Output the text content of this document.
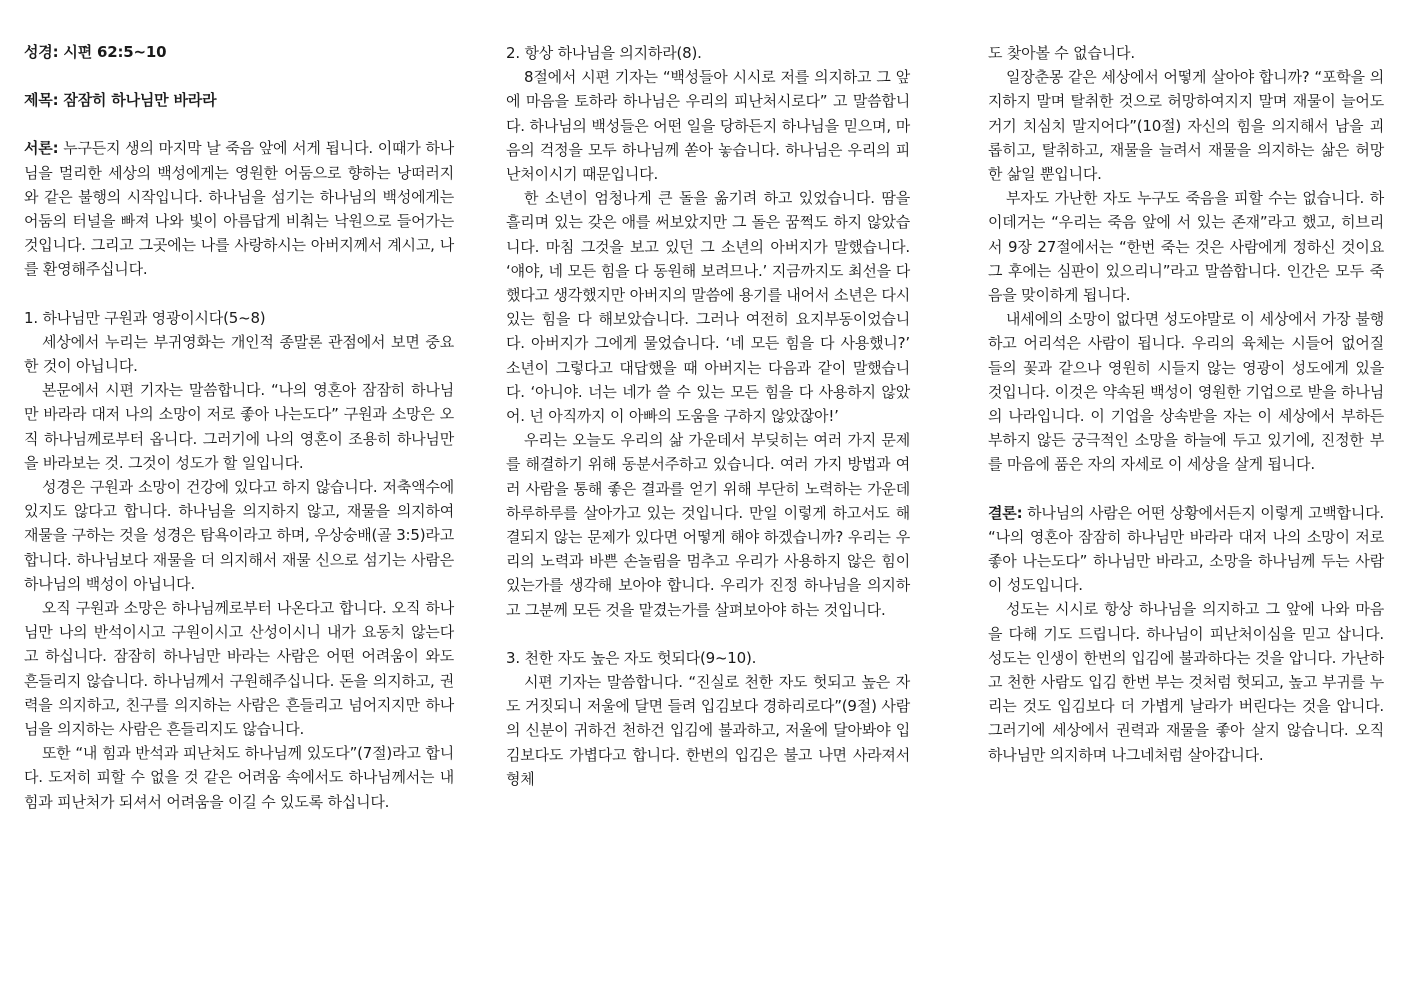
성경: 시편 62:5~10
제목: 잠잠히 하나님만 바라라

서론: 누구든지 생의 마지막 날 죽음 앞에 서게 됩니다. 이때가 하나님을 멀리한 세상의 백성에게는 영원한 어둠으로 향하는 낭떠러지와 같은 불행의 시작입니다. 하나님을 섬기는 하나님의 백성에게는 어둠의 터널을 빠져 나와 빛이 아름답게 비춰는 낙원으로 들어가는 것입니다. 그리고 그곳에는 나를 사랑하시는 아버지께서 계시고, 나를 환영해주십니다.

1. 하나님만 구원과 영광이시다(5~8)

세상에서 누리는 부귀영화는 개인적 종말론 관점에서 보면 중요한 것이 아닙니다.

본문에서 시편 기자는 말씀합니다. “나의 영혼아 잠잠히 하나님만 바라라 대저 나의 소망이 저로 좋아 나는도다” 구원과 소망은 오직 하나님께로부터 옵니다. 그러기에 나의 영혼이 조용히 하나님만을 바라보는 것. 그것이 성도가 할 일입니다.

성경은 구원과 소망이 건강에 있다고 하지 않습니다. 저축액수에 있지도 않다고 합니다. 하나님을 의지하지 않고, 재물을 의지하여 재물을 구하는 것을 성경은 탐욕이라고 하며, 우상숭배(골 3:5)라고 합니다. 하나님보다 재물을 더 의지해서 재물 신으로 섬기는 사람은 하나님의 백성이 아닙니다.

오직 구원과 소망은 하나님께로부터 나온다고 합니다. 오직 하나님만 나의 반석이시고 구원이시고 산성이시니 내가 요동치 않는다고 하십니다. 잠잠히 하나님만 바라는 사람은 어떤 어려움이 와도 흔들리지 않습니다. 하나님께서 구원해주십니다. 돈을 의지하고, 권력을 의지하고, 친구를 의지하는 사람은 흔들리고 넘어지지만 하나님을 의지하는 사람은 흔들리지도 않습니다.

또한 “내 힘과 반석과 피난처도 하나님께 있도다”(7절)라고 합니다. 도저히 피할 수 없을 것 같은 어려움 속에서도 하나님께서는 내 힘과 피난처가 되셔서 어려움을 이길 수 있도록 하십니다.

2. 항상 하나님을 의지하라(8).

8절에서 시편 기자는 “백성들아 시시로 저를 의지하고 그 앞에 마음을 토하라 하나님은 우리의 피난처시로다” 고 말씀합니다. 하나님의 백성들은 어떤 일을 당하든지 하나님을 믿으며, 마음의 걱정을 모두 하나님께 쏟아 놓습니다. 하나님은 우리의 피난처이시기 때문입니다.

한 소년이 엄청나게 큰 돌을 옮기려 하고 있었습니다. 땀을 흘리며 있는 갖은 애를 써보았지만 그 돌은 꿈쩍도 하지 않았습니다. 마침 그것을 보고 있던 그 소년의 아버지가 말했습니다. ‘얘야, 네 모든 힘을 다 동원해 보려므나.’ 지금까지도 최선을 다했다고 생각했지만 아버지의 말씀에 용기를 내어서 소년은 다시 있는 힘을 다 해보았습니다. 그러나 여전히 요지부동이었습니다. 아버지가 그에게 물었습니다. ‘네 모든 힘을 다 사용했니?’ 소년이 그렇다고 대답했을 때 아버지는 다음과 같이 말했습니다. ‘아니야. 너는 네가 쓸 수 있는 모든 힘을 다 사용하지 않았어. 넌 아직까지 이 아빠의 도움을 구하지 않았잖아!’

우리는 오늘도 우리의 삶 가운데서 부딪히는 여러 가지 문제를 해결하기 위해 동분서주하고 있습니다. 여러 가지 방법과 여러 사람을 통해 좋은 결과를 얻기 위해 부단히 노력하는 가운데 하루하루를 살아가고 있는 것입니다. 만일 이렇게 하고서도 해결되지 않는 문제가 있다면 어떻게 해야 하겠습니까? 우리는 우리의 노력과 바쁜 손놀림을 멈추고 우리가 사용하지 않은 힘이 있는가를 생각해 보아야 합니다. 우리가 진정 하나님을 의지하고 그분께 모든 것을 맡겼는가를 살펴보아야 하는 것입니다.

3. 천한 자도 높은 자도 헛되다(9~10).

시편 기자는 말씀합니다. “진실로 천한 자도 헛되고 높은 자도 거짓되니 저울에 달면 들려 입김보다 경하리로다”(9절) 사람의 신분이 귀하건 천하건 입김에 불과하고, 저울에 달아봐야 입김보다도 가볍다고 합니다. 한번의 입김은 불고 나면 사라져서 형체

도 찾아볼 수 없습니다.

일장춘몽 같은 세상에서 어떻게 살아야 합니까? “포학을 의지하지 말며 탈취한 것으로 허망하여지지 말며 재물이 늘어도 거기 치심치 말지어다”(10절) 자신의 힘을 의지해서 남을 괴롭히고, 탈취하고, 재물을 늘려서 재물을 의지하는 삶은 허망한 삶일 뿐입니다.

부자도 가난한 자도 누구도 죽음을 피할 수는 없습니다. 하이데거는 “우리는 죽음 앞에 서 있는 존재”라고 했고, 히브리서 9장 27절에서는 “한번 죽는 것은 사람에게 정하신 것이요 그 후에는 심판이 있으리니”라고 말씀합니다. 인간은 모두 죽음을 맞이하게 됩니다.

내세에의 소망이 없다면 성도야말로 이 세상에서 가장 불행하고 어리석은 사람이 됩니다. 우리의 육체는 시들어 없어질 들의 꽃과 같으나 영원히 시들지 않는 영광이 성도에게 있을 것입니다. 이것은 약속된 백성이 영원한 기업으로 받을 하나님의 나라입니다. 이 기업을 상속받을 자는 이 세상에서 부하든 부하지 않든 궁극적인 소망을 하늘에 두고 있기에, 진정한 부를 마음에 품은 자의 자세로 이 세상을 살게 됩니다.

결론: 하나님의 사람은 어떤 상황에서든지 이렇게 고백합니다. “나의 영혼아 잠잠히 하나님만 바라라 대저 나의 소망이 저로 좋아 나는도다” 하나님만 바라고, 소망을 하나님께 두는 사람이 성도입니다.

성도는 시시로 항상 하나님을 의지하고 그 앞에 나와 마음을 다해 기도 드립니다. 하나님이 피난처이심을 믿고 삽니다. 성도는 인생이 한번의 입김에 불과하다는 것을 압니다. 가난하고 천한 사람도 입김 한번 부는 것처럼 헛되고, 높고 부귀를 누리는 것도 입김보다 더 가볍게 날라가 버린다는 것을 압니다. 그러기에 세상에서 권력과 재물을 좋아 살지 않습니다. 오직 하나님만 의지하며 나그네처럼 살아갑니다.
